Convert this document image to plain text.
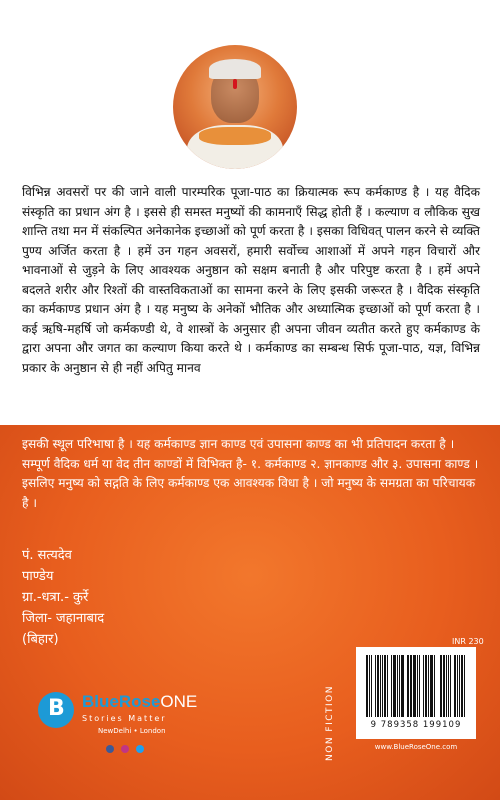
विभिन्न अवसरों पर की जाने वाली पारम्परिक पूजा-पाठ का क्रियात्मक रूप कर्मकाण्ड है । यह वैदिक संस्कृति का प्रधान अंग है । इससे ही समस्त मनुष्यों की कामनाएँ सिद्ध होती हैं । कल्याण व लौकिक सुख शान्ति तथा मन में संकल्पित अनेकानेक इच्छाओं को पूर्ण करता है । इसका विधिवत् पालन करने से व्यक्ति पुण्य अर्जित करता है । हमें उन गहन अवसरों, हमारी सर्वोच्च आशाओं में अपने गहन विचारों और भावनाओं से जुड़ने के लिए आवश्यक अनुष्ठान को सक्षम बनाती है और परिपुष्ट करता है । हमें अपने बदलते शरीर और रिश्तों की वास्तविकताओं का सामना करने के लिए इसकी जरूरत है । वैदिक संस्कृति का कर्मकाण्ड प्रधान अंग है । यह मनुष्य के अनेकों भौतिक और अध्यात्मिक इच्छाओं को पूर्ण करता है । कई ऋषि-महर्षि जो कर्मकण्डी थे, वे शास्त्रों के अनुसार ही अपना जीवन व्यतीत करते हुए कर्मकाण्ड के द्वारा अपना और जगत का कल्याण किया करते थे । कर्मकाण्ड का सम्बन्ध सिर्फ पूजा-पाठ, यज्ञ, विभिन्न प्रकार के अनुष्ठान से ही नहीं अपितु मानव

इसकी स्थूल परिभाषा है । यह कर्मकाण्ड ज्ञान काण्ड एवं उपासना काण्ड का भी प्रतिपादन करता है । सम्पूर्ण वैदिक धर्म या वेद तीन काण्डों में विभिक्त है- १. कर्मकाण्ड २. ज्ञानकाण्ड और ३. उपासना काण्ड । इसलिए मनुष्य को सद्गति के लिए कर्मकाण्ड एक आवश्यक विधा है । जो मनुष्य के समग्रता का परिचायक है ।

पं. सत्यदेव
पाण्डेय
ग्रा.-धत्रा.- कुर्रे
जिला- जहानाबाद
(बिहार)
B BlueRoseONE
Stories Matter
NewDelhi • London
	NON FICTION
INR 230
9 789358 199109
www.BlueRoseOne.com
